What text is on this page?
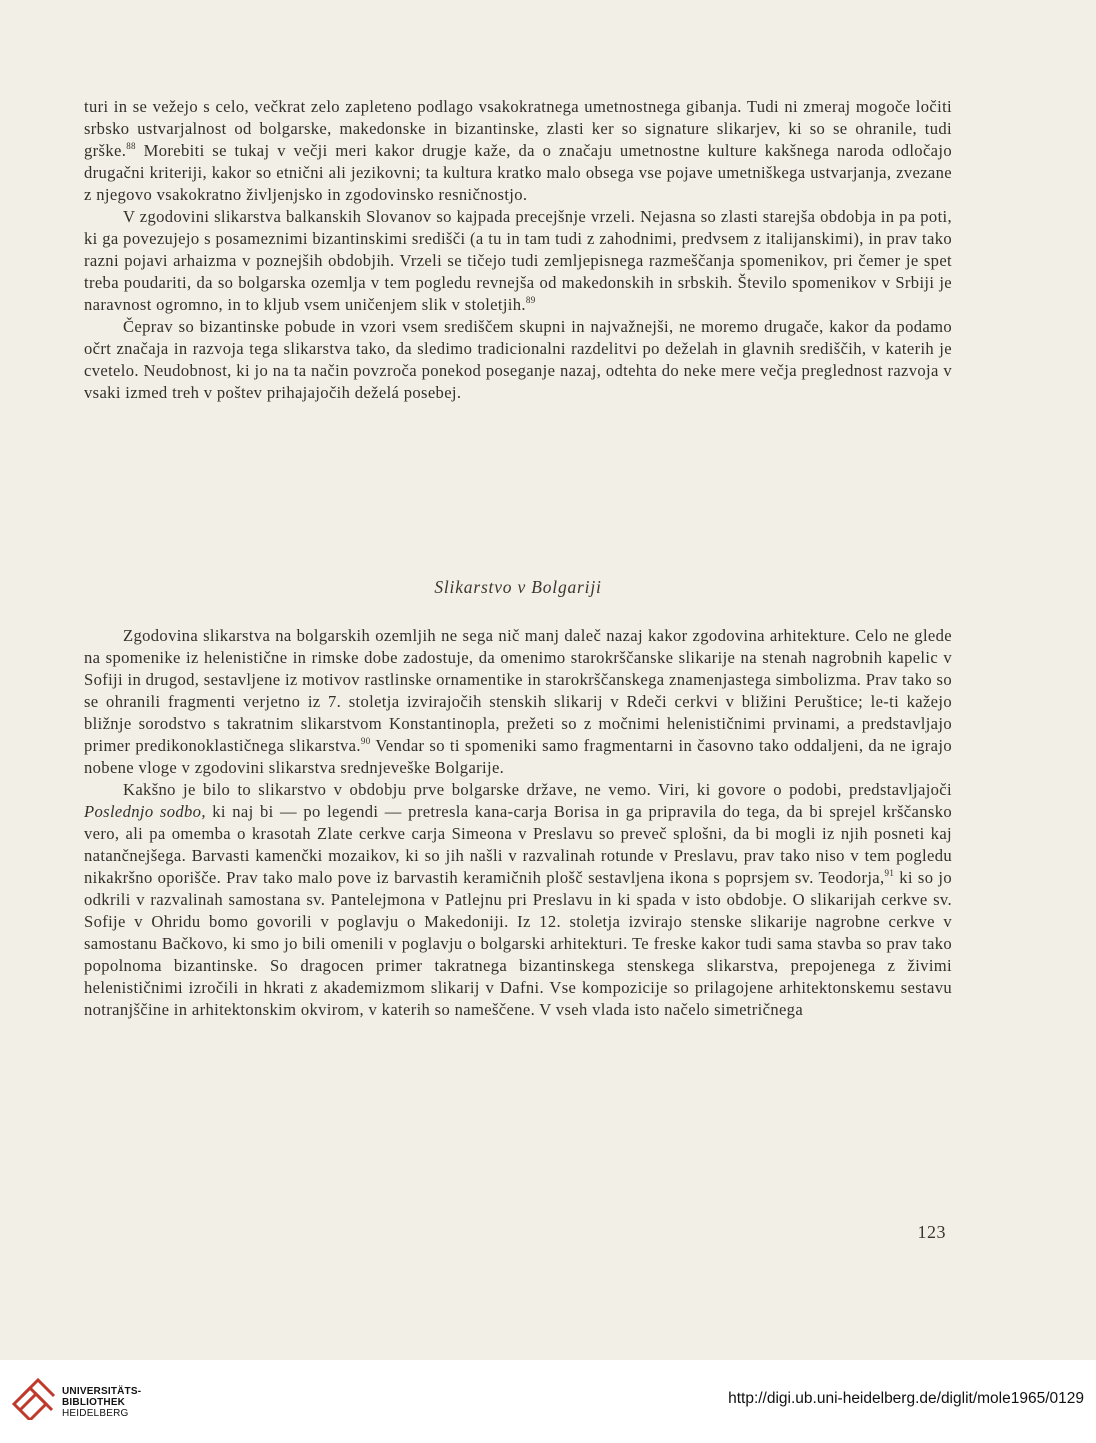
turi in se vežejo s celo, večkrat zelo zapleteno podlago vsakokratnega umetnostnega gibanja. Tudi ni zmeraj mogoče ločiti srbsko ustvarjalnost od bolgarske, makedonske in bizantinske, zlasti ker so signature slikarjev, ki so se ohranile, tudi grške.$^{88}$ Morebiti se tukaj v večji meri kakor drugje kaže, da o značaju umetnostne kulture kakšnega naroda odločajo drugačni kriteriji, kakor so etnični ali jezikovni; ta kultura kratko malo obsega vse pojave umetniškega ustvarjanja, zvezane z njegovo vsakokratno življenjsko in zgodovinsko resničnostjo.

V zgodovini slikarstva balkanskih Slovanov so kajpada precejšnje vrzeli. Nejasna so zlasti starejša obdobja in pa poti, ki ga povezujejo s posameznimi bizantinskimi središči (a tu in tam tudi z zahodnimi, predvsem z italijanskimi), in prav tako razni pojavi arhaizma v poznejših obdobjih. Vrzeli se tičejo tudi zemljepisnega razmeščanja spomenikov, pri čemer je spet treba poudariti, da so bolgarska ozemlja v tem pogledu revnejša od makedonskih in srbskih. Število spomenikov v Srbiji je naravnost ogromno, in to kljub vsem uničenjem slik v stoletjih.$^{89}$

Čeprav so bizantinske pobude in vzori vsem središčem skupni in najvažnejši, ne moremo drugače, kakor da podamo očrt značaja in razvoja tega slikarstva tako, da sledimo tradicionalni razdelitvi po deželah in glavnih središčih, v katerih je cvetelo. Neudobnost, ki jo na ta način povzroča ponekod poseganje nazaj, odtehta do neke mere večja preglednost razvoja v vsaki izmed treh v poštev prihajajočih deželá posebej.

Slikarstvo v Bolgariji

Zgodovina slikarstva na bolgarskih ozemljih ne sega nič manj daleč nazaj kakor zgodovina arhitekture. Celo ne glede na spomenike iz helenistične in rimske dobe zadostuje, da omenimo starokrščanske slikarije na stenah nagrobnih kapelic v Sofiji in drugod, sestavljene iz motivov rastlinske ornamentike in starokrščanskega znamenjastega simbolizma. Prav tako so se ohranili fragmenti verjetno iz 7. stoletja izvirajočih stenskih slikarij v Rdeči cerkvi v bližini Peruštice; le-ti kažejo bližnje sorodstvo s takratnim slikarstvom Konstantinopla, prežeti so z močnimi helenističnimi prvinami, a predstavljajo primer predikonoklastičnega slikarstva.$^{90}$ Vendar so ti spomeniki samo fragmentarni in časovno tako oddaljeni, da ne igrajo nobene vloge v zgodovini slikarstva srednjeveške Bolgarije.

Kakšno je bilo to slikarstvo v obdobju prve bolgarske države, ne vemo. Viri, ki govore o podobi, predstavljajoči Poslednjo sodbo, ki naj bi — po legendi — pretresla kana-carja Borisa in ga pripravila do tega, da bi sprejel krščansko vero, ali pa omemba o krasotah Zlate cerkve carja Simeona v Preslavu so preveč splošni, da bi mogli iz njih posneti kaj natančnejšega. Barvasti kamenčki mozaikov, ki so jih našli v razvalinah rotunde v Preslavu, prav tako niso v tem pogledu nikakršno oporišče. Prav tako malo pove iz barvastih keramičnih plošč sestavljena ikona s poprsjem sv. Teodorja,$^{91}$ ki so jo odkrili v razvalinah samostana sv. Pantelejmona v Patlejnu pri Preslavu in ki spada v isto obdobje. O slikarijah cerkve sv. Sofije v Ohridu bomo govorili v poglavju o Makedoniji. Iz 12. stoletja izvirajo stenske slikarije nagrobne cerkve v samostanu Bačkovo, ki smo jo bili omenili v poglavju o bolgarski arhitekturi. Te freske kakor tudi sama stavba so prav tako popolnoma bizantinske. So dragocen primer takratnega bizantinskega stenskega slikarstva, prepojenega z živimi helenističnimi izročili in hkrati z akademizmom slikarij v Dafni. Vse kompozicije so prilagojene arhitektonskemu sestavu notranjščine in arhitektonskim okvirom, v katerih so nameščene. V vseh vlada isto načelo simetričnega

123
UNIVERSITÄTS-
BIBLIOTHEK
HEIDELBERG
http://digi.ub.uni-heidelberg.de/diglit/mole1965/0129
